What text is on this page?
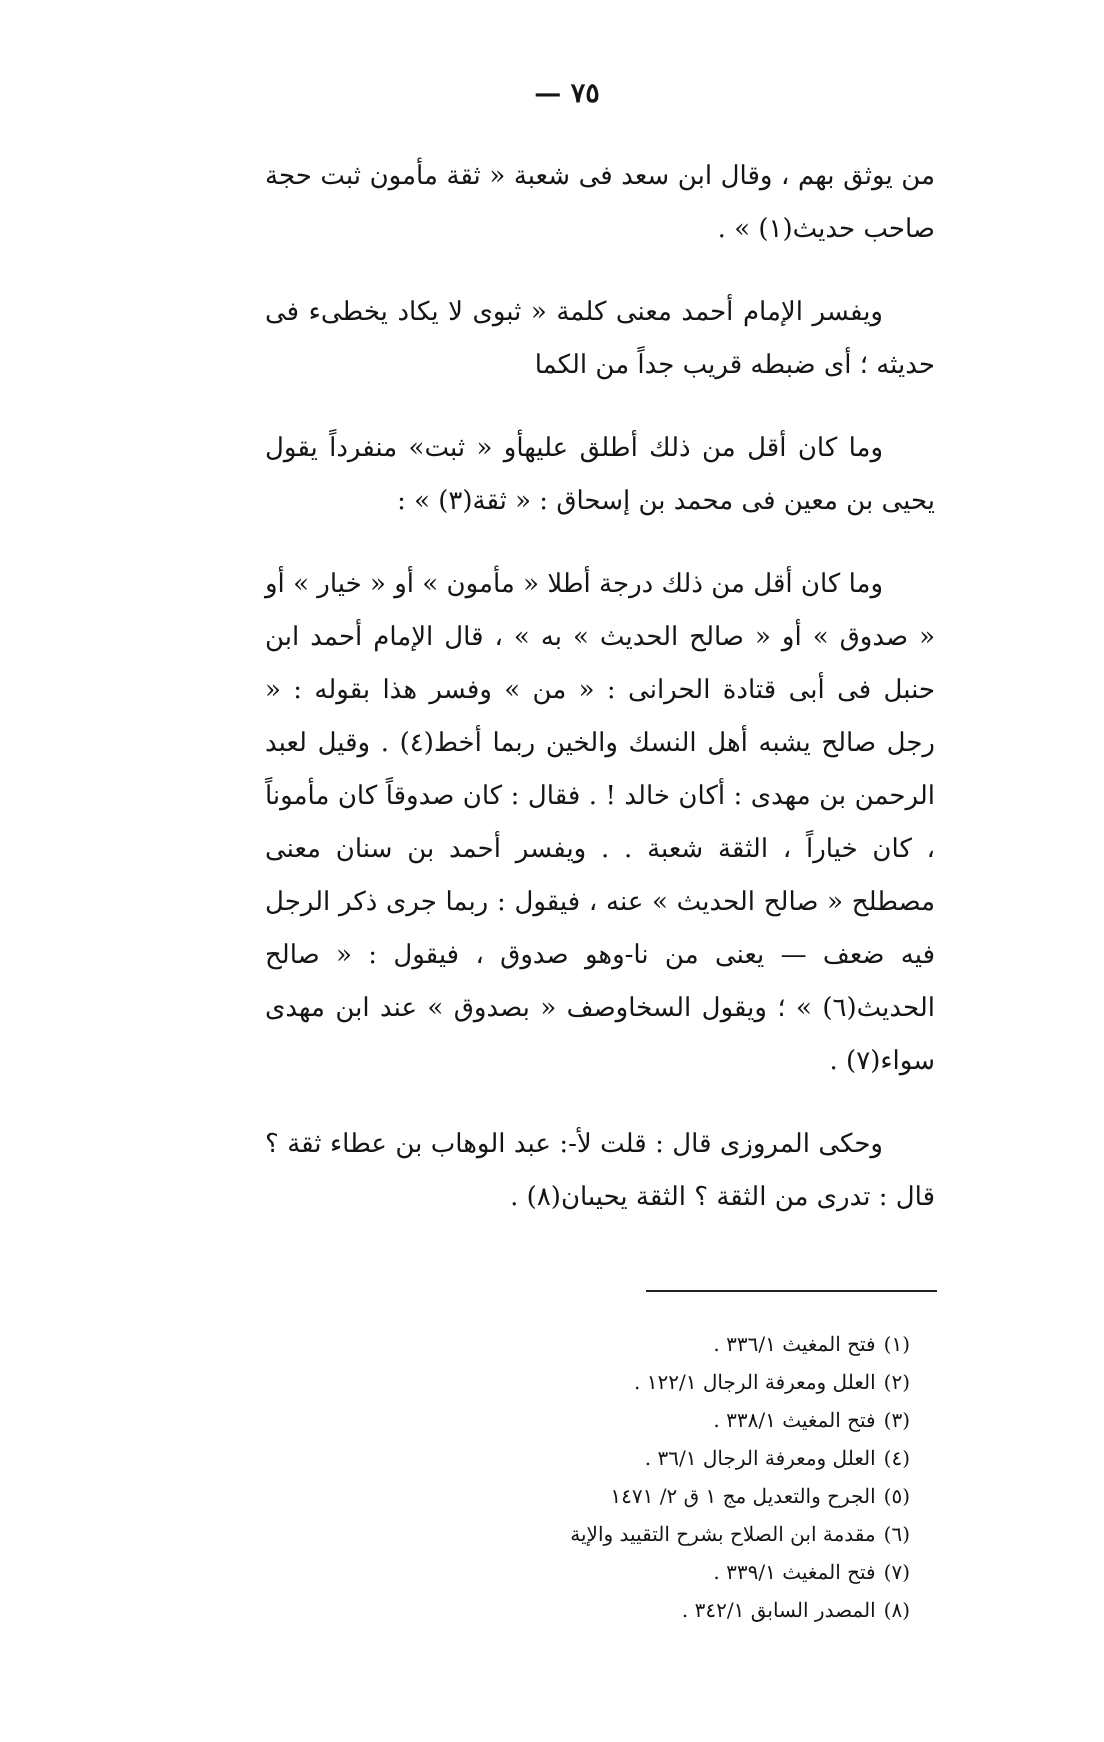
٧٥ —

من يوثق بهم ، وقال ابن سعد فى شعبة « ثقة مأمون ثبت حجة صاحب حديث(١) » .

ويفسر الإمام أحمد معنى كلمة « ثبوى لا يكاد يخطىء فى حديثه ؛ أى ضبطه قريب جداً من الكما

وما كان أقل من ذلك أطلق عليهأو « ثبت» منفرداً يقول يحيى بن معين فى محمد بن إسحاق : « ثقة(٣) » :

وما كان أقل من ذلك درجة أطلا « مأمون » أو « خيار » أو « صدوق » أو « صالح الحديث » به » ، قال الإمام أحمد ابن حنبل فى أبى قتادة الحرانى : « من » وفسر هذا بقوله : « رجل صالح يشبه أهل النسك والخين ربما أخط(٤) . وقيل لعبد الرحمن بن مهدى : أكان خالد ! . فقال : كان صدوقاً كان مأموناً ، كان خياراً ، الثقة شعبة . . ويفسر أحمد بن سنان معنى مصطلح « صالح الحديث » عنه ، فيقول : ربما جرى ذكر الرجل فيه ضعف — يعنى من نا-وهو صدوق ، فيقول : « صالح الحديث(٦) » ؛ ويقول السخاوصف « بصدوق » عند ابن مهدى سواء(٧) .

وحكى المروزى قال : قلت لأ-: عبد الوهاب بن عطاء ثقة ؟ قال : تدرى من الثقة ؟ الثقة يحيىان(٨) .

(١)فتح المغيث ٣٣٦/١ .
(٢)العلل ومعرفة الرجال ١٢٢/١ .
(٣)فتح المغيث ٣٣٨/١ .
(٤)العلل ومعرفة الرجال ٣٦/١ .
(٥)الجرح والتعديل مج ١ ق ٢/ ١٤٧١
(٦)مقدمة ابن الصلاح بشرح التقييد والإية
(٧)فتح المغيث ٣٣٩/١ .
(٨)المصدر السابق ٣٤٢/١ .
